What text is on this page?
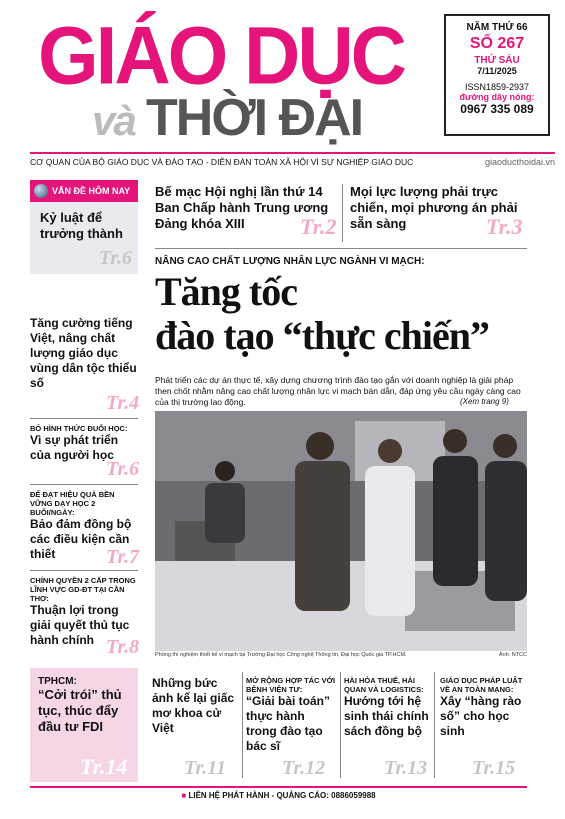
GIÁO DỤC
và THỜI ĐẠI
NĂM THỨ 66
SỐ 267
THỨ SÁU
7/11/2025
ISSN1859-2937
đường dây nóng:
0967 335 089
CƠ QUAN CỦA BỘ GIÁO DỤC VÀ ĐÀO TẠO - DIỄN ĐÀN TOÀN XÃ HỘI VÌ SỰ NGHIỆP GIÁO DỤC	giaoducthoidai.vn
VẤN ĐỀ HÔM NAY
Kỷ luật để trưởng thành
Tr.6
Bế mạc Hội nghị lần thứ 14 Ban Chấp hành Trung ương Đảng khóa XIII	Tr.2
Mọi lực lượng phải trực chiến, mọi phương án phải sẵn sàng	Tr.3
NÂNG CAO CHẤT LƯỢNG NHÂN LỰC NGÀNH VI MẠCH:
Tăng tốc
đào tạo “thực chiến”
Phát triển các dự án thực tế, xây dựng chương trình đào tạo gắn với doanh nghiệp là giải pháp then chốt nhằm nâng cao chất lượng nhân lực vi mạch bán dẫn, đáp ứng yêu cầu ngày càng cao của thị trường lao động.	(Xem trang 9)
Phòng thí nghiệm thiết kế vi mạch tại Trường Đại học Công nghệ Thông tin, Đại học Quốc gia TP.HCM.	Ảnh: NTCC
Tăng cường tiếng Việt, nâng chất lượng giáo dục vùng dân tộc thiểu số
Tr.4
BỎ HÌNH THỨC ĐUỔI HỌC:
Vì sự phát triển của người học
Tr.6
ĐỂ ĐẠT HIỆU QUẢ BỀN VỮNG DẠY HỌC 2 BUỔI/NGÀY:
Bảo đảm đồng bộ các điều kiện cần thiết	Tr.7
CHÍNH QUYỀN 2 CẤP TRONG LĨNH VỰC GD-ĐT TẠI CẦN THƠ:
Thuận lợi trong giải quyết thủ tục hành chính Tr.8
TPHCM:
“Cởi trói” thủ tục, thúc đẩy đầu tư FDI
Tr.14
Những bức ảnh kể lại giấc mơ khoa cử Việt
Tr.11
MỞ RỘNG HỢP TÁC VỚI BỆNH VIỆN TƯ:
“Giải bài toán” thực hành trong đào tạo bác sĩ
Tr.12
HÀI HÒA THUẾ, HẢI QUAN VÀ LOGISTICS:
Hướng tới hệ sinh thái chính sách đồng bộ
Tr.13
GIÁO DỤC PHÁP LUẬT VỀ AN TOÀN MẠNG:
Xây “hàng rào số” cho học sinh
Tr.15
■ LIÊN HỆ PHÁT HÀNH - QUẢNG CÁO: 0886059988
